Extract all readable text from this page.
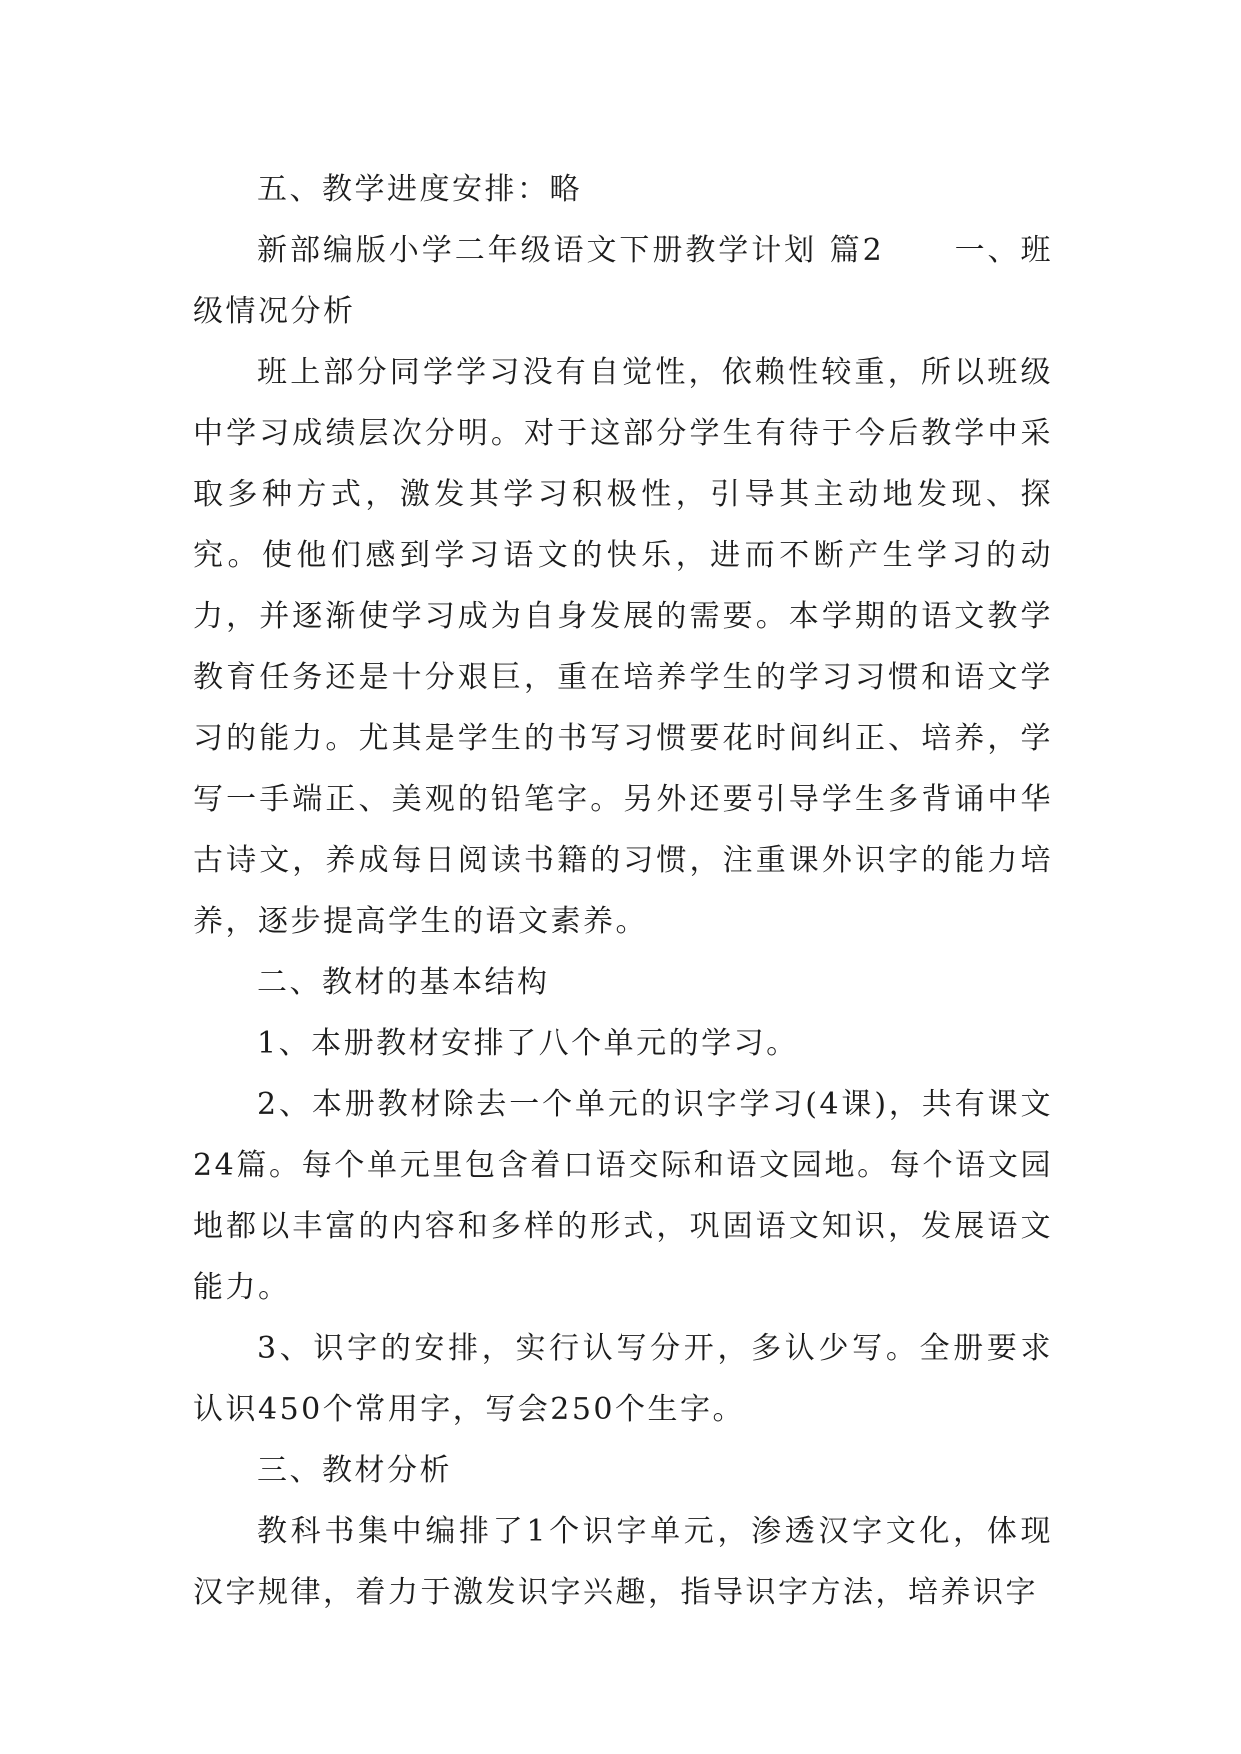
五、教学进度安排：略

新部编版小学二年级语文下册教学计划 篇2 一、班级情况分析

班上部分同学学习没有自觉性，依赖性较重，所以班级中学习成绩层次分明。对于这部分学生有待于今后教学中采取多种方式，激发其学习积极性，引导其主动地发现、探究。使他们感到学习语文的快乐，进而不断产生学习的动力，并逐渐使学习成为自身发展的需要。本学期的语文教学教育任务还是十分艰巨，重在培养学生的学习习惯和语文学习的能力。尤其是学生的书写习惯要花时间纠正、培养，学写一手端正、美观的铅笔字。另外还要引导学生多背诵中华古诗文，养成每日阅读书籍的习惯，注重课外识字的能力培养，逐步提高学生的语文素养。

二、教材的基本结构

1、本册教材安排了八个单元的学习。

2、本册教材除去一个单元的识字学习(4课)，共有课文24篇。每个单元里包含着口语交际和语文园地。每个语文园地都以丰富的内容和多样的形式，巩固语文知识，发展语文能力。

3、识字的安排，实行认写分开，多认少写。全册要求认识450个常用字，写会250个生字。

三、教材分析

教科书集中编排了1个识字单元，渗透汉字文化，体现汉字规律，着力于激发识字兴趣，指导识字方法，培养识字
